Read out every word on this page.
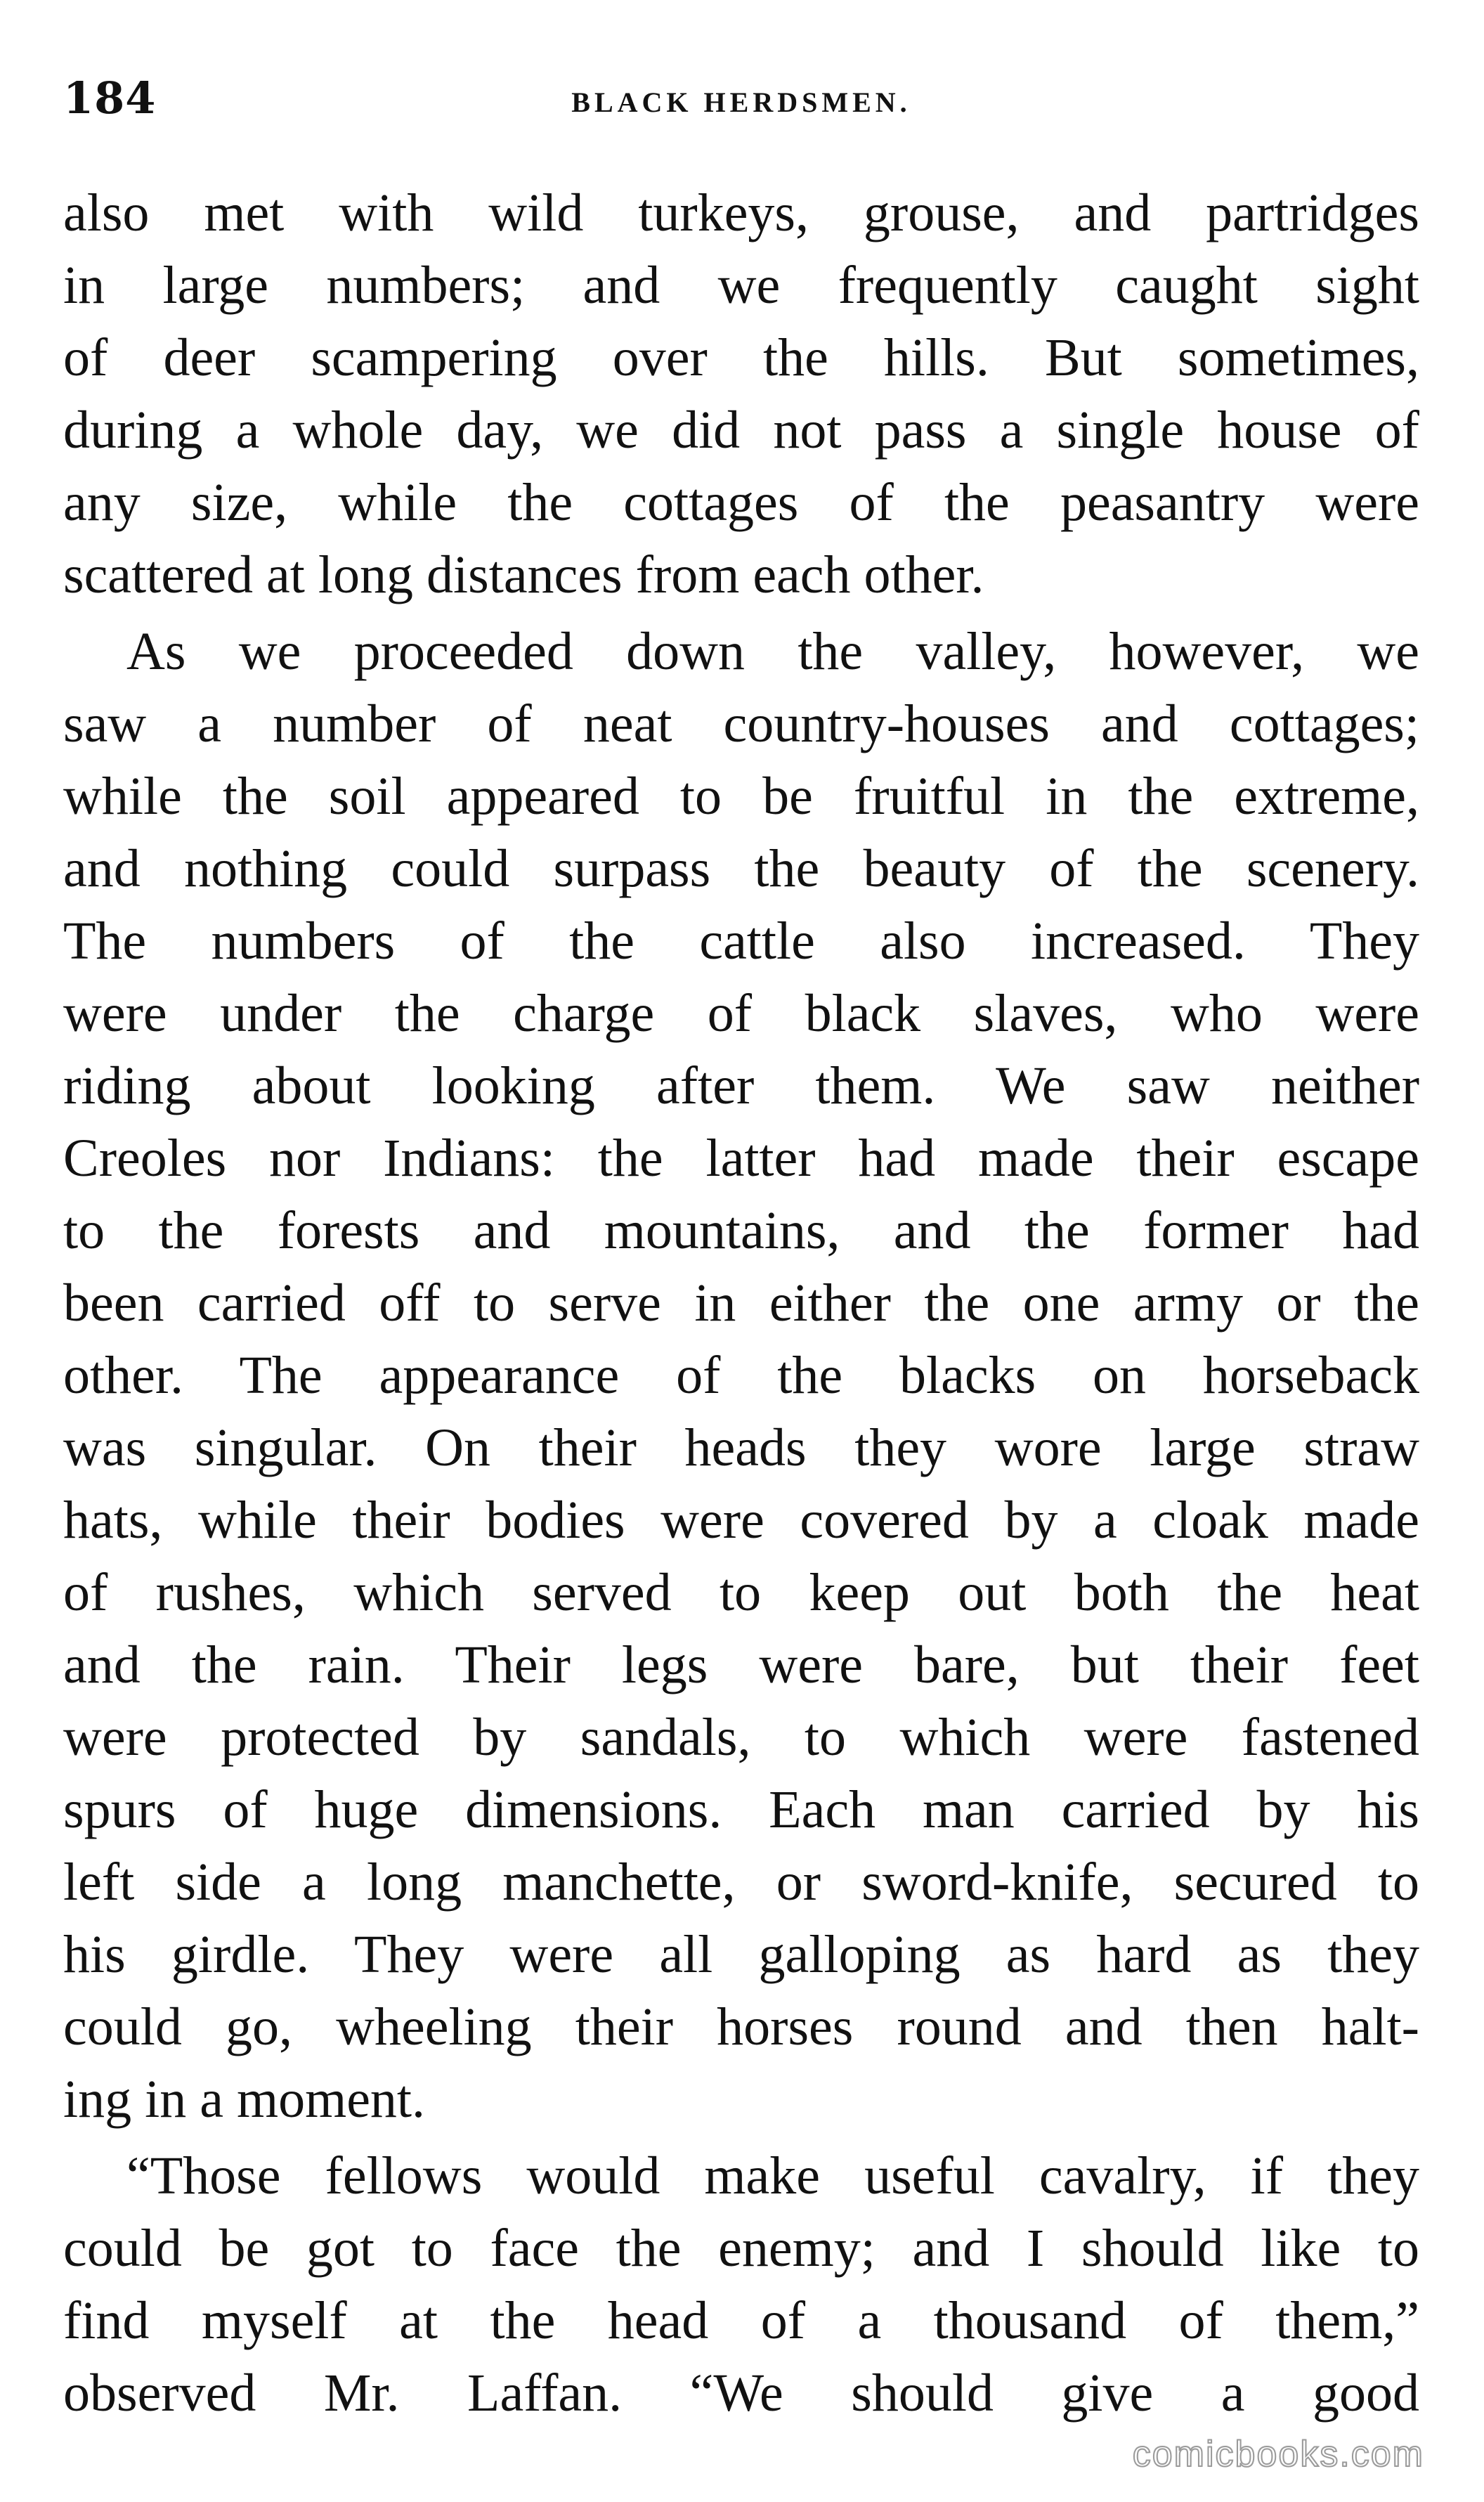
184	BLACK HERDSMEN.
also met with wild turkeys, grouse, and partridges
in large numbers; and we frequently caught sight
of deer scampering over the hills. But sometimes,
during a whole day, we did not pass a single house of
any size, while the cottages of the peasantry were
scattered at long distances from each other.
As we proceeded down the valley, however, we
saw a number of neat country-houses and cottages;
while the soil appeared to be fruitful in the extreme,
and nothing could surpass the beauty of the scenery.
The numbers of the cattle also increased. They
were under the charge of black slaves, who were
riding about looking after them. We saw neither
Creoles nor Indians: the latter had made their escape
to the forests and mountains, and the former had
been carried off to serve in either the one army or the
other. The appearance of the blacks on horseback
was singular. On their heads they wore large straw
hats, while their bodies were covered by a cloak made
of rushes, which served to keep out both the heat
and the rain. Their legs were bare, but their feet
were protected by sandals, to which were fastened
spurs of huge dimensions. Each man carried by his
left side a long manchette, or sword-knife, secured to
his girdle. They were all galloping as hard as they
could go, wheeling their horses round and then halt-
ing in a moment.
“Those fellows would make useful cavalry, if they
could be got to face the enemy; and I should like to
find myself at the head of a thousand of them,”
observed Mr. Laffan. “We should give a good
comicbooks.com
